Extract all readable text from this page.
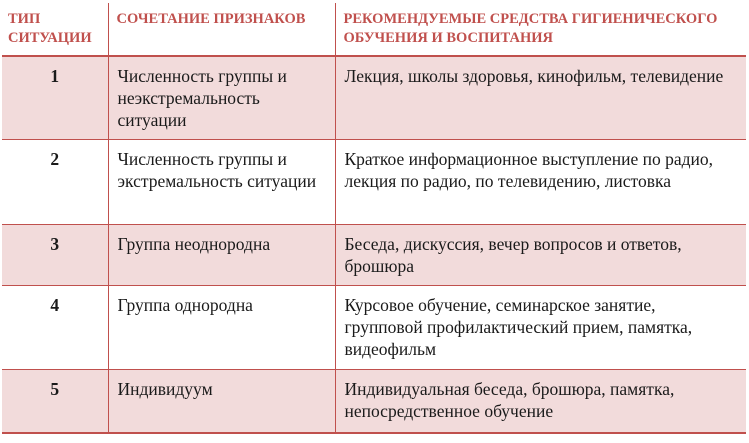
ТИП СИТУАЦИИ	СОЧЕТАНИЕ ПРИЗНАКОВ	РЕКОМЕНДУЕМЫЕ СРЕДСТВА ГИГИЕНИЧЕСКОГО ОБУЧЕНИЯ И ВОСПИТАНИЯ
1	Численность группы и неэкстремальность ситуации	Лекция, школы здоровья, кинофильм, телевидение
2	Численность группы и экстремальность ситуации	Краткое информационное выступление по радио, лекция по радио, по телевидению, листовка
3	Группа неоднородна	Беседа, дискуссия, вечер вопросов и ответов, брошюра
4	Группа однородна	Курсовое обучение, семинарское занятие, групповой профилактический прием, памятка, видеофильм
5	Индивидуум	Индивидуальная беседа, брошюра, памятка, непосредственное обучение
